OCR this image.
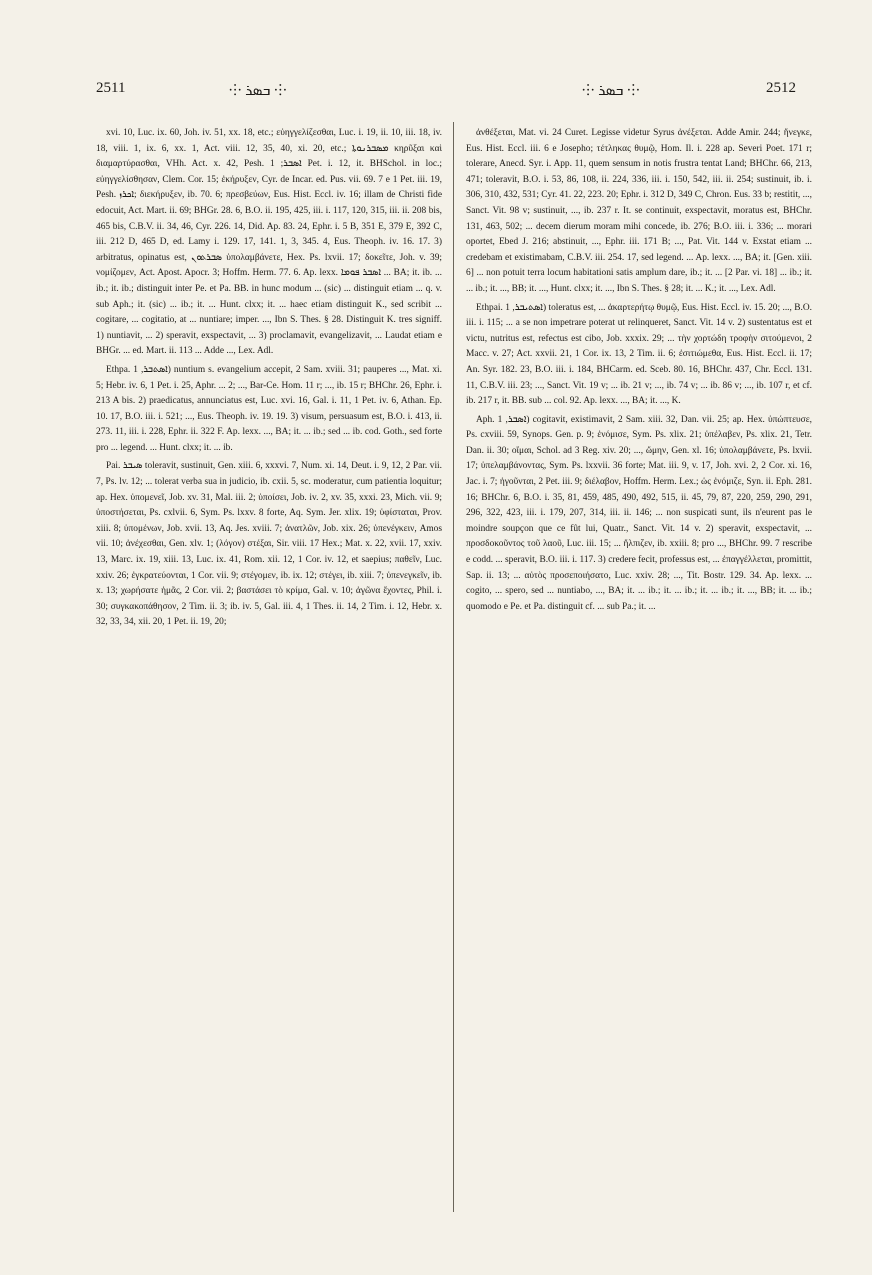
2511	⸭ ܒܣܪ ⸭	⸭ ܒܣܪ ⸭	2512

xvi. 10, Luc. ix. 60, Joh. iv. 51, xx. 18, etc.; εὐηγγελίζεσθαι, Luc. i. 19, ii. 10, iii. 18, iv. 18, viii. 1, ix. 6, xx. 1, Act. viii. 12, 35, 40, xi. 20, etc.; ܡܣܒܪܢܘܬܐ κηρῦξαι καὶ διαμαρτύρασθαι, VHh. Act. x. 42, Pesh. ܐܣܒܪ; 1 Pet. i. 12, it. BHSchol. in loc.; εὐηγγελίσθησαν, Clem. Cor. 15; ἐκήρυξεν, Cyr. de Incar. ed. Pus. vii. 69. 7 e 1 Pet. iii. 19, Pesh. ܐܟܪܙ; διεκήρυξεν, ib. 70. 6; πρεσβεύων, Eus. Hist. Eccl. iv. 16; illam de Christi fide edocuit, Act. Mart. ii. 69; BHGr. 28. 6, B.O. ii. 195, 425, iii. i. 117, 120, 315, iii. ii. 208 bis, 465 bis, C.B.V. ii. 34, 46, Cyr. 226. 14, Did. Ap. 83. 24, Ephr. i. 5 B, 351 E, 379 E, 392 C, iii. 212 D, 465 D, ed. Lamy i. 129. 17, 141. 1, 3, 345. 4, Eus. Theoph. iv. 16. 17. 3) arbitratus, opinatus est, ܣܒܪܬܘܢ ὑπολαμβάνετε, Hex. Ps. lxvii. 17; δοκεῖτε, Joh. v. 39; νομίζομεν, Act. Apost. Apocr. 3; Hoffm. Herm. 77. 6. Ap. lexx. ܐܣܒܪ ܦܘܡܐ ... BA; it. ib. ... ib.; it. ib.; distinguit inter Pe. et Pa. BB. in hunc modum ... (sic) ... distinguit etiam ... q. v. sub Aph.; it. (sic) ... ib.; it. ... Hunt. clxx; it. ... haec etiam distinguit K., sed scribit ... cogitare, ... cogitatio, at ... nuntiare; imper. ..., Ibn S. Thes. § 28. Distinguit K. tres signiff. 1) nuntiavit, ... 2) speravit, exspectavit, ... 3) proclamavit, evangelizavit, ... Laudat etiam e BHGr. ... ed. Mart. ii. 113 ... Adde ..., Lex. Adl.

Ethpa. ܐܣܬܒܪ, 1) nuntium s. evangelium accepit, 2 Sam. xviii. 31; pauperes ..., Mat. xi. 5; Hebr. iv. 6, 1 Pet. i. 25, Aphr. ... 2; ..., Bar-Ce. Hom. 11 r; ..., ib. 15 r; BHChr. 26, Ephr. i. 213 A bis. 2) praedicatus, annunciatus est, Luc. xvi. 16, Gal. i. 11, 1 Pet. iv. 6, Athan. Ep. 10. 17, B.O. iii. i. 521; ..., Eus. Theoph. iv. 19. 19. 3) visum, persuasum est, B.O. i. 413, ii. 273. 11, iii. i. 228, Ephr. ii. 322 F. Ap. lexx. ..., BA; it. ... ib.; sed ... ib. cod. Goth., sed forte pro ... legend. ... Hunt. clxx; it. ... ib.

Pai. ܣܝܒܪ toleravit, sustinuit, Gen. xiii. 6, xxxvi. 7, Num. xi. 14, Deut. i. 9, 12, 2 Par. vii. 7, Ps. lv. 12; ... tolerat verba sua in judicio, ib. cxii. 5, sc. moderatur, cum patientia loquitur; ap. Hex. ὑπομενεῖ, Job. xv. 31, Mal. iii. 2; ὑποίσει, Job. iv. 2, xv. 35, xxxi. 23, Mich. vii. 9; ὑποστήσεται, Ps. cxlvii. 6, Sym. Ps. lxxv. 8 forte, Aq. Sym. Jer. xlix. 19; ὑφίσταται, Prov. xiii. 8; ὑπομένων, Job. xvii. 13, Aq. Jes. xviii. 7; ἀνατλῶν, Job. xix. 26; ὑπενέγκειν, Amos vii. 10; ἀνέχεσθαι, Gen. xlv. 1; (λόγον) στέξαι, Sir. viii. 17 Hex.; Mat. x. 22, xvii. 17, xxiv. 13, Marc. ix. 19, xiii. 13, Luc. ix. 41, Rom. xii. 12, 1 Cor. iv. 12, et saepius; παθεῖν, Luc. xxiv. 26; ἐγκρατεύονται, 1 Cor. vii. 9; στέγομεν, ib. ix. 12; στέγει, ib. xiii. 7; ὑπενεγκεῖν, ib. x. 13; χωρήσατε ἡμᾶς, 2 Cor. vii. 2; βαστάσει τὸ κρίμα, Gal. v. 10; ἀγῶνα ἔχοντες, Phil. i. 30; συγκακοπάθησον, 2 Tim. ii. 3; ib. iv. 5, Gal. iii. 4, 1 Thes. ii. 14, 2 Tim. i. 12, Hebr. x. 32, 33, 34, xii. 20, 1 Pet. ii. 19, 20;

ἀνθέξεται, Mat. vi. 24 Curet. Legisse videtur Syrus ἀνέξεται. Adde Amir. 244; ἤνεγκε, Eus. Hist. Eccl. iii. 6 e Josepho; τέτληκας θυμῷ, Hom. Il. i. 228 ap. Severi Poet. 171 r; tolerare, Anecd. Syr. i. App. 11, quem sensum in notis frustra tentat Land; BHChr. 66, 213, 471; toleravit, B.O. i. 53, 86, 108, ii. 224, 336, iii. i. 150, 542, iii. ii. 254; sustinuit, ib. i. 306, 310, 432, 531; Cyr. 41. 22, 223. 20; Ephr. i. 312 D, 349 C, Chron. Eus. 33 b; restitit, ..., Sanct. Vit. 98 v; sustinuit, ..., ib. 237 r. It. se continuit, exspectavit, moratus est, BHChr. 131, 463, 502; ... decem dierum moram mihi concede, ib. 276; B.O. iii. i. 336; ... morari oportet, Ebed J. 216; abstinuit, ..., Ephr. iii. 171 B; ..., Pat. Vit. 144 v. Exstat etiam ... credebam et existimabam, C.B.V. iii. 254. 17, sed legend. ... Ap. lexx. ..., BA; it. [Gen. xiii. 6] ... non potuit terra locum habitationi satis amplum dare, ib.; it. ... [2 Par. vi. 18] ... ib.; it. ... ib.; it. ..., BB; it. ..., Hunt. clxx; it. ..., Ibn S. Thes. § 28; it. ... K.; it. ..., Lex. Adl.

Ethpai. ܐܣܬܝܒܪ, 1) toleratus est, ... ἀκαρτερήτῳ θυμῷ, Eus. Hist. Eccl. iv. 15. 20; ..., B.O. iii. i. 115; ... a se non impetrare poterat ut relinqueret, Sanct. Vit. 14 v. 2) sustentatus est et victu, nutritus est, refectus est cibo, Job. xxxix. 29; ... τὴν χορτώδη τροφὴν σιτούμενοι, 2 Macc. v. 27; Act. xxvii. 21, 1 Cor. ix. 13, 2 Tim. ii. 6; ἐσιτιώμεθα, Eus. Hist. Eccl. ii. 17; An. Syr. 182. 23, B.O. iii. i. 184, BHCarm. ed. Sceb. 80. 16, BHChr. 437, Chr. Eccl. 131. 11, C.B.V. iii. 23; ..., Sanct. Vit. 19 v; ... ib. 21 v; ..., ib. 74 v; ... ib. 86 v; ..., ib. 107 r, et cf. ib. 217 r, it. BB. sub ... col. 92. Ap. lexx. ..., BA; it. ..., K.

Aph. ܐܣܒܪ, 1) cogitavit, existimavit, 2 Sam. xiii. 32, Dan. vii. 25; ap. Hex. ὑπώπτευσε, Ps. cxviii. 59, Synops. Gen. p. 9; ἐνόμισε, Sym. Ps. xlix. 21; ὑπέλαβεν, Ps. xlix. 21, Tetr. Dan. ii. 30; οἴμαι, Schol. ad 3 Reg. xiv. 20; ..., ὤμην, Gen. xl. 16; ὑπολαμβάνετε, Ps. lxvii. 17; ὑπελαμβάνοντας, Sym. Ps. lxxvii. 36 forte; Mat. iii. 9, v. 17, Joh. xvi. 2, 2 Cor. xi. 16, Jac. i. 7; ἡγοῦνται, 2 Pet. iii. 9; διέλαβον, Hoffm. Herm. Lex.; ὡς ἐνόμιζε, Syn. ii. Eph. 281. 16; BHChr. 6, B.O. i. 35, 81, 459, 485, 490, 492, 515, ii. 45, 79, 87, 220, 259, 290, 291, 296, 322, 423, iii. i. 179, 207, 314, iii. ii. 146; ... non suspicati sunt, ils n'eurent pas le moindre soupçon que ce fût lui, Quatr., Sanct. Vit. 14 v. 2) speravit, exspectavit, ... προσδοκοῦντος τοῦ λαοῦ, Luc. iii. 15; ... ἤλπιζεν, ib. xxiii. 8; pro ..., BHChr. 99. 7 rescribe e codd. ... speravit, B.O. iii. i. 117. 3) credere fecit, professus est, ... ἐπαγγέλλεται, promittit, Sap. ii. 13; ... αὐτὸς προσεποιήσατο, Luc. xxiv. 28; ..., Tit. Bostr. 129. 34. Ap. lexx. ... cogito, ... spero, sed ... nuntiabo, ..., BA; it. ... ib.; it. ... ib.; it. ... ib.; it. ..., BB; it. ... ib.; quomodo e Pe. et Pa. distinguit cf. ... sub Pa.; it. ...
